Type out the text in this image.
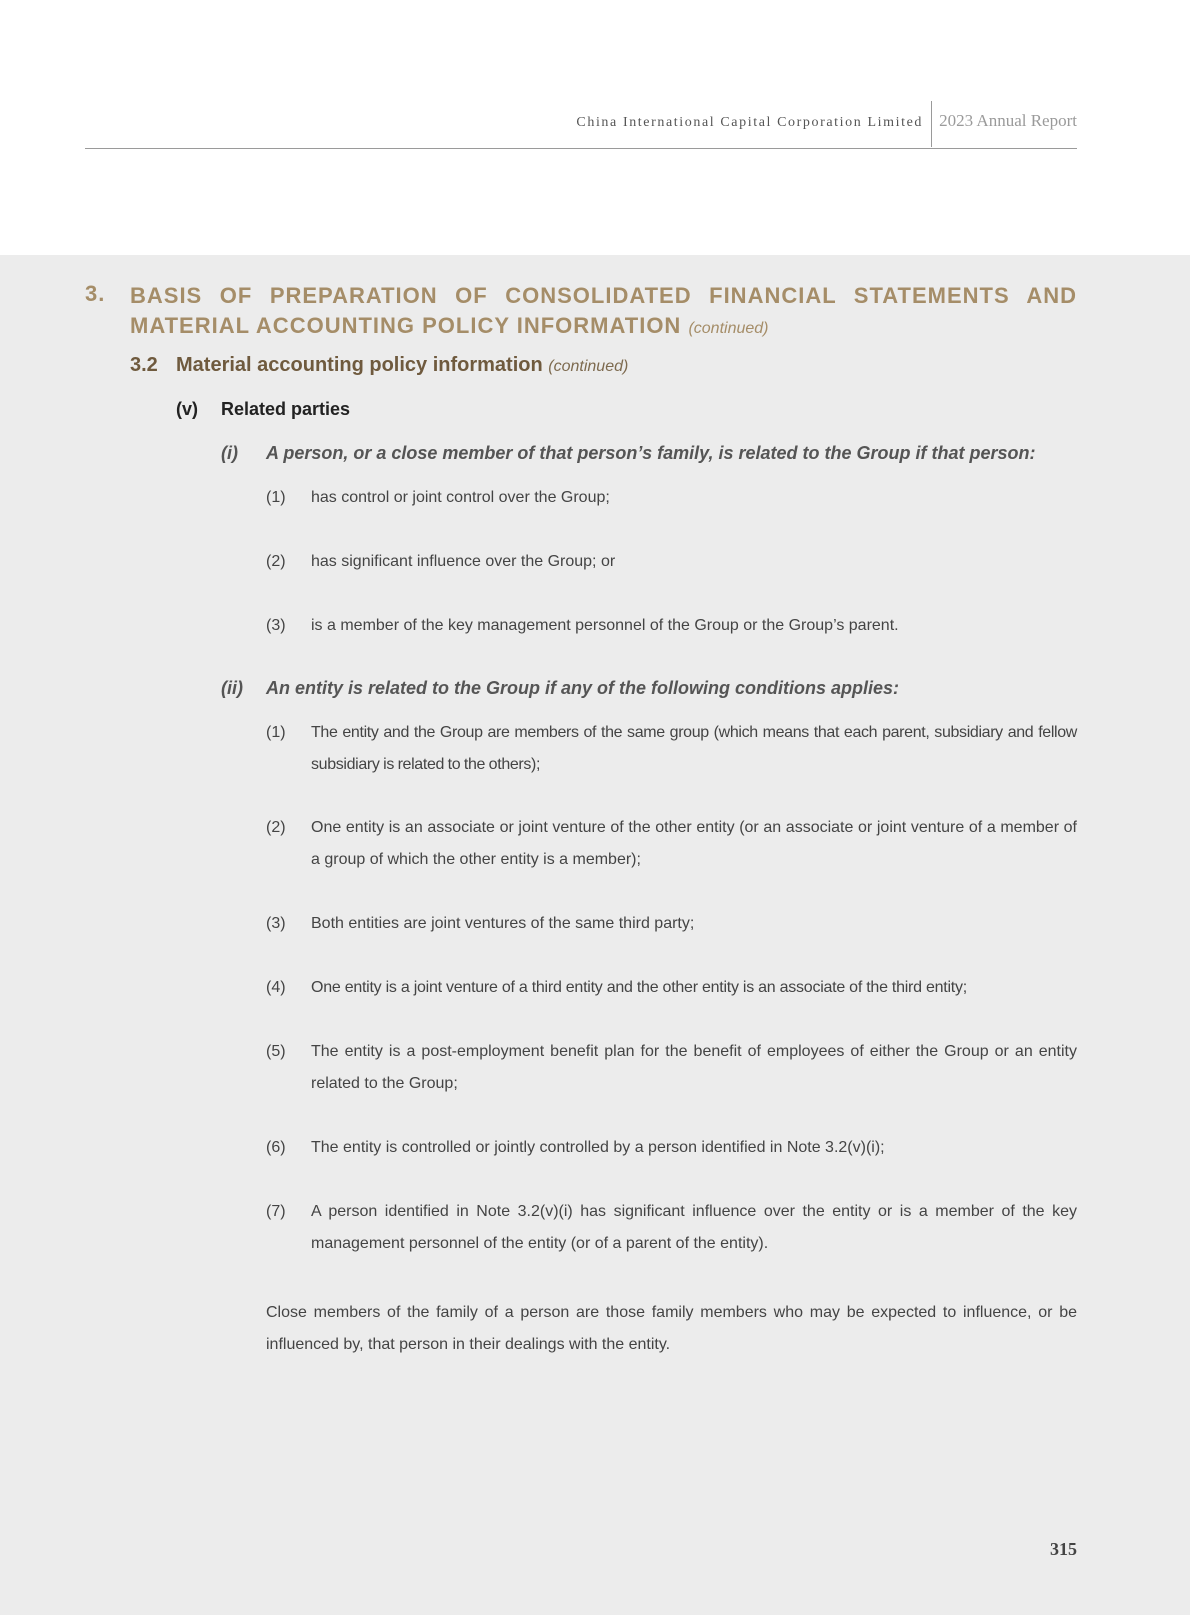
China International Capital Corporation Limited 2023 Annual Report
3. BASIS OF PREPARATION OF CONSOLIDATED FINANCIAL STATEMENTS AND MATERIAL ACCOUNTING POLICY INFORMATION (continued)
3.2 Material accounting policy information (continued)
(v) Related parties
(i) A person, or a close member of that person’s family, is related to the Group if that person:
(1) has control or joint control over the Group;
(2) has significant influence over the Group; or
(3) is a member of the key management personnel of the Group or the Group’s parent.
(ii) An entity is related to the Group if any of the following conditions applies:
(1) The entity and the Group are members of the same group (which means that each parent, subsidiary and fellow subsidiary is related to the others);
(2) One entity is an associate or joint venture of the other entity (or an associate or joint venture of a member of a group of which the other entity is a member);
(3) Both entities are joint ventures of the same third party;
(4) One entity is a joint venture of a third entity and the other entity is an associate of the third entity;
(5) The entity is a post-employment benefit plan for the benefit of employees of either the Group or an entity related to the Group;
(6) The entity is controlled or jointly controlled by a person identified in Note 3.2(v)(i);
(7) A person identified in Note 3.2(v)(i) has significant influence over the entity or is a member of the key management personnel of the entity (or of a parent of the entity).
Close members of the family of a person are those family members who may be expected to influence, or be influenced by, that person in their dealings with the entity.
315
